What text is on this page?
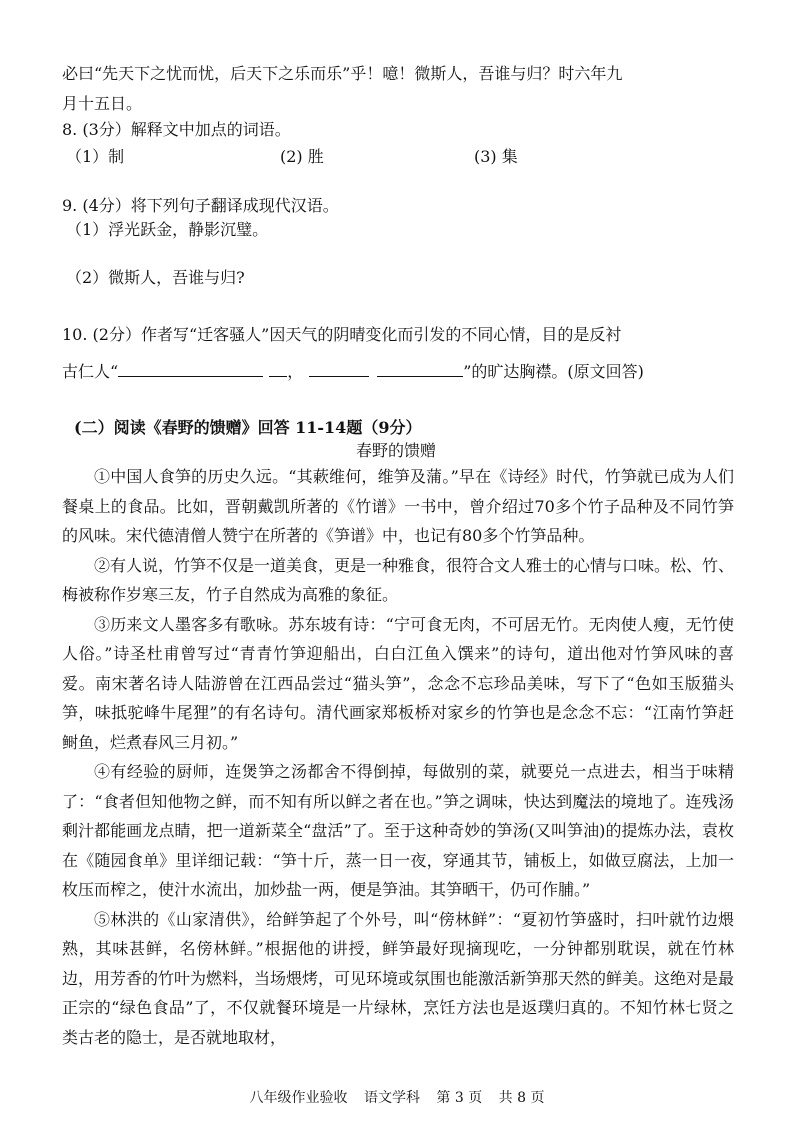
必曰“先天下之忧而忧，后天下之乐而乐”乎！噫！微斯人，吾谁与归？时六年九
月十五日。
8. (3分）解释文中加点的词语。
（1）制	(2) 胜	(3) 集
9. (4分）将下列句子翻译成现代汉语。
（1）浮光跃金，静影沉璧。
（2）微斯人，吾谁与归?
10. (2分）作者写“迁客骚人”因天气的阴晴变化而引发的不同心情，目的是反衬
古仁人“	，	”的旷达胸襟。(原文回答)
(二）阅读《春野的馈赠》回答 11-14题（9分）
春野的馈赠

①中国人食笋的历史久远。“其蔌维何，维笋及蒲。”早在《诗经》时代，竹笋就已成为人们餐桌上的食品。比如，晋朝戴凯所著的《竹谱》一书中，曾介绍过70多个竹子品种及不同竹笋的风味。宋代德清僧人赞宁在所著的《笋谱》中，也记有80多个竹笋品种。

②有人说，竹笋不仅是一道美食，更是一种雅食，很符合文人雅士的心情与口味。松、竹、梅被称作岁寒三友，竹子自然成为高雅的象征。

③历来文人墨客多有歌咏。苏东坡有诗：“宁可食无肉，不可居无竹。无肉使人瘦，无竹使人俗。”诗圣杜甫曾写过“青青竹笋迎船出，白白江鱼入馔来”的诗句，道出他对竹笋风味的喜爱。南宋著名诗人陆游曾在江西品尝过“猫头笋”，念念不忘珍品美味，写下了“色如玉版猫头笋，味抵驼峰牛尾狸”的有名诗句。清代画家郑板桥对家乡的竹笋也是念念不忘：“江南竹笋赶鲥鱼，烂煮春风三月初。”

④有经验的厨师，连煲笋之汤都舍不得倒掉，每做别的菜，就要兑一点进去，相当于味精了：“食者但知他物之鲜，而不知有所以鲜之者在也。”笋之调味，快达到魔法的境地了。连残汤剩汁都能画龙点睛，把一道新菜全“盘活”了。至于这种奇妙的笋汤(又叫笋油)的提炼办法，袁枚在《随园食单》里详细记载：“笋十斤，蒸一日一夜，穿通其节，铺板上，如做豆腐法，上加一枚压而榨之，使汁水流出，加炒盐一两，便是笋油。其笋晒干，仍可作脯。”

⑤林洪的《山家清供》，给鲜笋起了个外号，叫“傍林鲜”：“夏初竹笋盛时，扫叶就竹边煨熟，其味甚鲜，名傍林鲜。”根据他的讲授，鲜笋最好现摘现吃，一分钟都别耽误，就在竹林边，用芳香的竹叶为燃料，当场煨烤，可见环境或氛围也能激活新笋那天然的鲜美。这绝对是最正宗的“绿色食品”了，不仅就餐环境是一片绿林，烹饪方法也是返璞归真的。不知竹林七贤之类古老的隐士，是否就地取材，

八年级作业验收 语文学科 第 3 页 共 8 页
